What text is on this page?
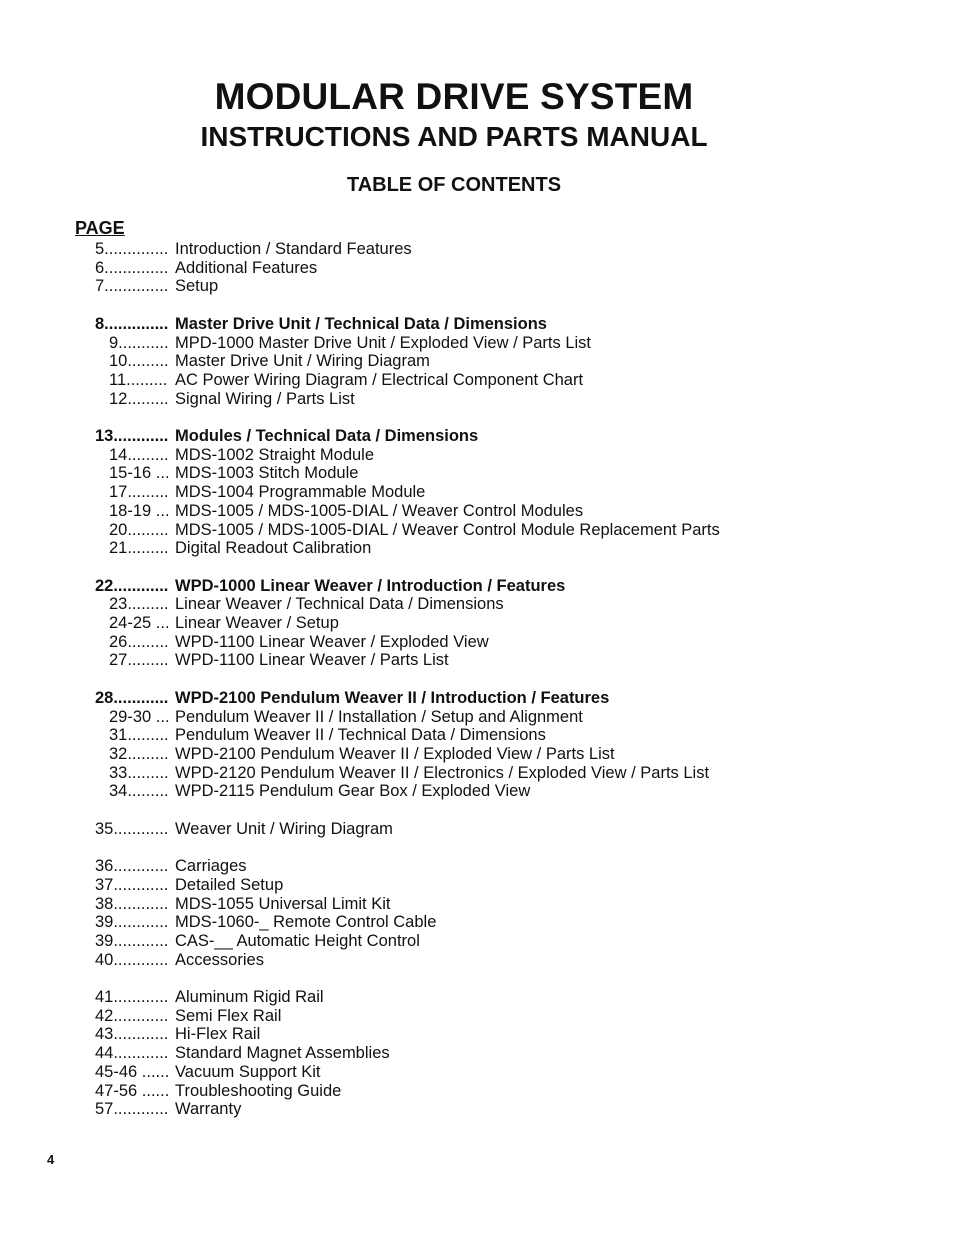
MODULAR DRIVE SYSTEM
INSTRUCTIONS AND PARTS MANUAL
TABLE OF CONTENTS
PAGE
5.............. Introduction / Standard Features
6.............. Additional Features
7.............. Setup
8.............. Master Drive Unit / Technical Data / Dimensions
9........... MPD-1000 Master Drive Unit / Exploded View / Parts List
10......... Master Drive Unit / Wiring Diagram
11......... AC Power Wiring Diagram / Electrical Component Chart
12......... Signal Wiring / Parts List
13............ Modules / Technical Data / Dimensions
14......... MDS-1002 Straight Module
15-16 ... MDS-1003 Stitch Module
17......... MDS-1004 Programmable Module
18-19 ... MDS-1005 / MDS-1005-DIAL / Weaver Control Modules
20......... MDS-1005 / MDS-1005-DIAL / Weaver Control Module Replacement Parts
21......... Digital Readout Calibration
22............ WPD-1000 Linear Weaver / Introduction / Features
23......... Linear Weaver / Technical Data / Dimensions
24-25 ... Linear Weaver / Setup
26......... WPD-1100 Linear Weaver / Exploded View
27......... WPD-1100 Linear Weaver / Parts List
28............ WPD-2100 Pendulum Weaver II / Introduction / Features
29-30 ... Pendulum Weaver II / Installation / Setup and Alignment
31......... Pendulum Weaver II / Technical Data / Dimensions
32......... WPD-2100 Pendulum Weaver II / Exploded View / Parts List
33......... WPD-2120 Pendulum Weaver II / Electronics / Exploded View / Parts List
34......... WPD-2115 Pendulum Gear Box / Exploded View
35............ Weaver Unit / Wiring Diagram
36............ Carriages
37............ Detailed Setup
38............ MDS-1055 Universal Limit Kit
39............ MDS-1060-_ Remote Control Cable
39............ CAS-__ Automatic Height Control
40............ Accessories
41............ Aluminum Rigid Rail
42............ Semi Flex Rail
43............ Hi-Flex Rail
44............ Standard Magnet Assemblies
45-46 ...... Vacuum Support Kit
47-56 ...... Troubleshooting Guide
57............ Warranty
4
